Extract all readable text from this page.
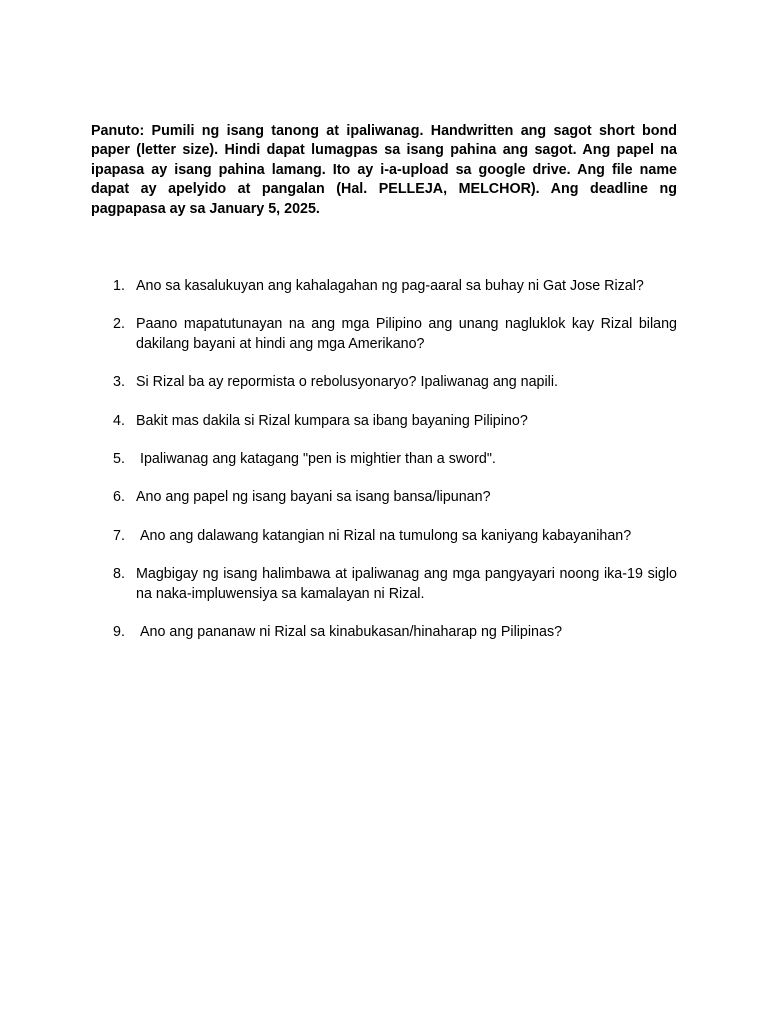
Panuto: Pumili ng isang tanong at ipaliwanag. Handwritten ang sagot short bond paper (letter size). Hindi dapat lumagpas sa isang pahina ang sagot. Ang papel na ipapasa ay isang pahina lamang. Ito ay i-a-upload sa google drive. Ang file name dapat ay apelyido at pangalan (Hal. PELLEJA, MELCHOR). Ang deadline ng pagpapasa ay sa January 5, 2025.

1. Ano sa kasalukuyan ang kahalagahan ng pag-aaral sa buhay ni Gat Jose Rizal?
2. Paano mapatutunayan na ang mga Pilipino ang unang nagluklok kay Rizal bilang dakilang bayani at hindi ang mga Amerikano?
3. Si Rizal ba ay repormista o rebolusyonaryo? Ipaliwanag ang napili.
4. Bakit mas dakila si Rizal kumpara sa ibang bayaning Pilipino?
5. Ipaliwanag ang katagang "pen is mightier than a sword".
6. Ano ang papel ng isang bayani sa isang bansa/lipunan?
7. Ano ang dalawang katangian ni Rizal na tumulong sa kaniyang kabayanihan?
8. Magbigay ng isang halimbawa at ipaliwanag ang mga pangyayari noong ika-19 siglo na naka-impluwensiya sa kamalayan ni Rizal.
9. Ano ang pananaw ni Rizal sa kinabukasan/hinaharap ng Pilipinas?
